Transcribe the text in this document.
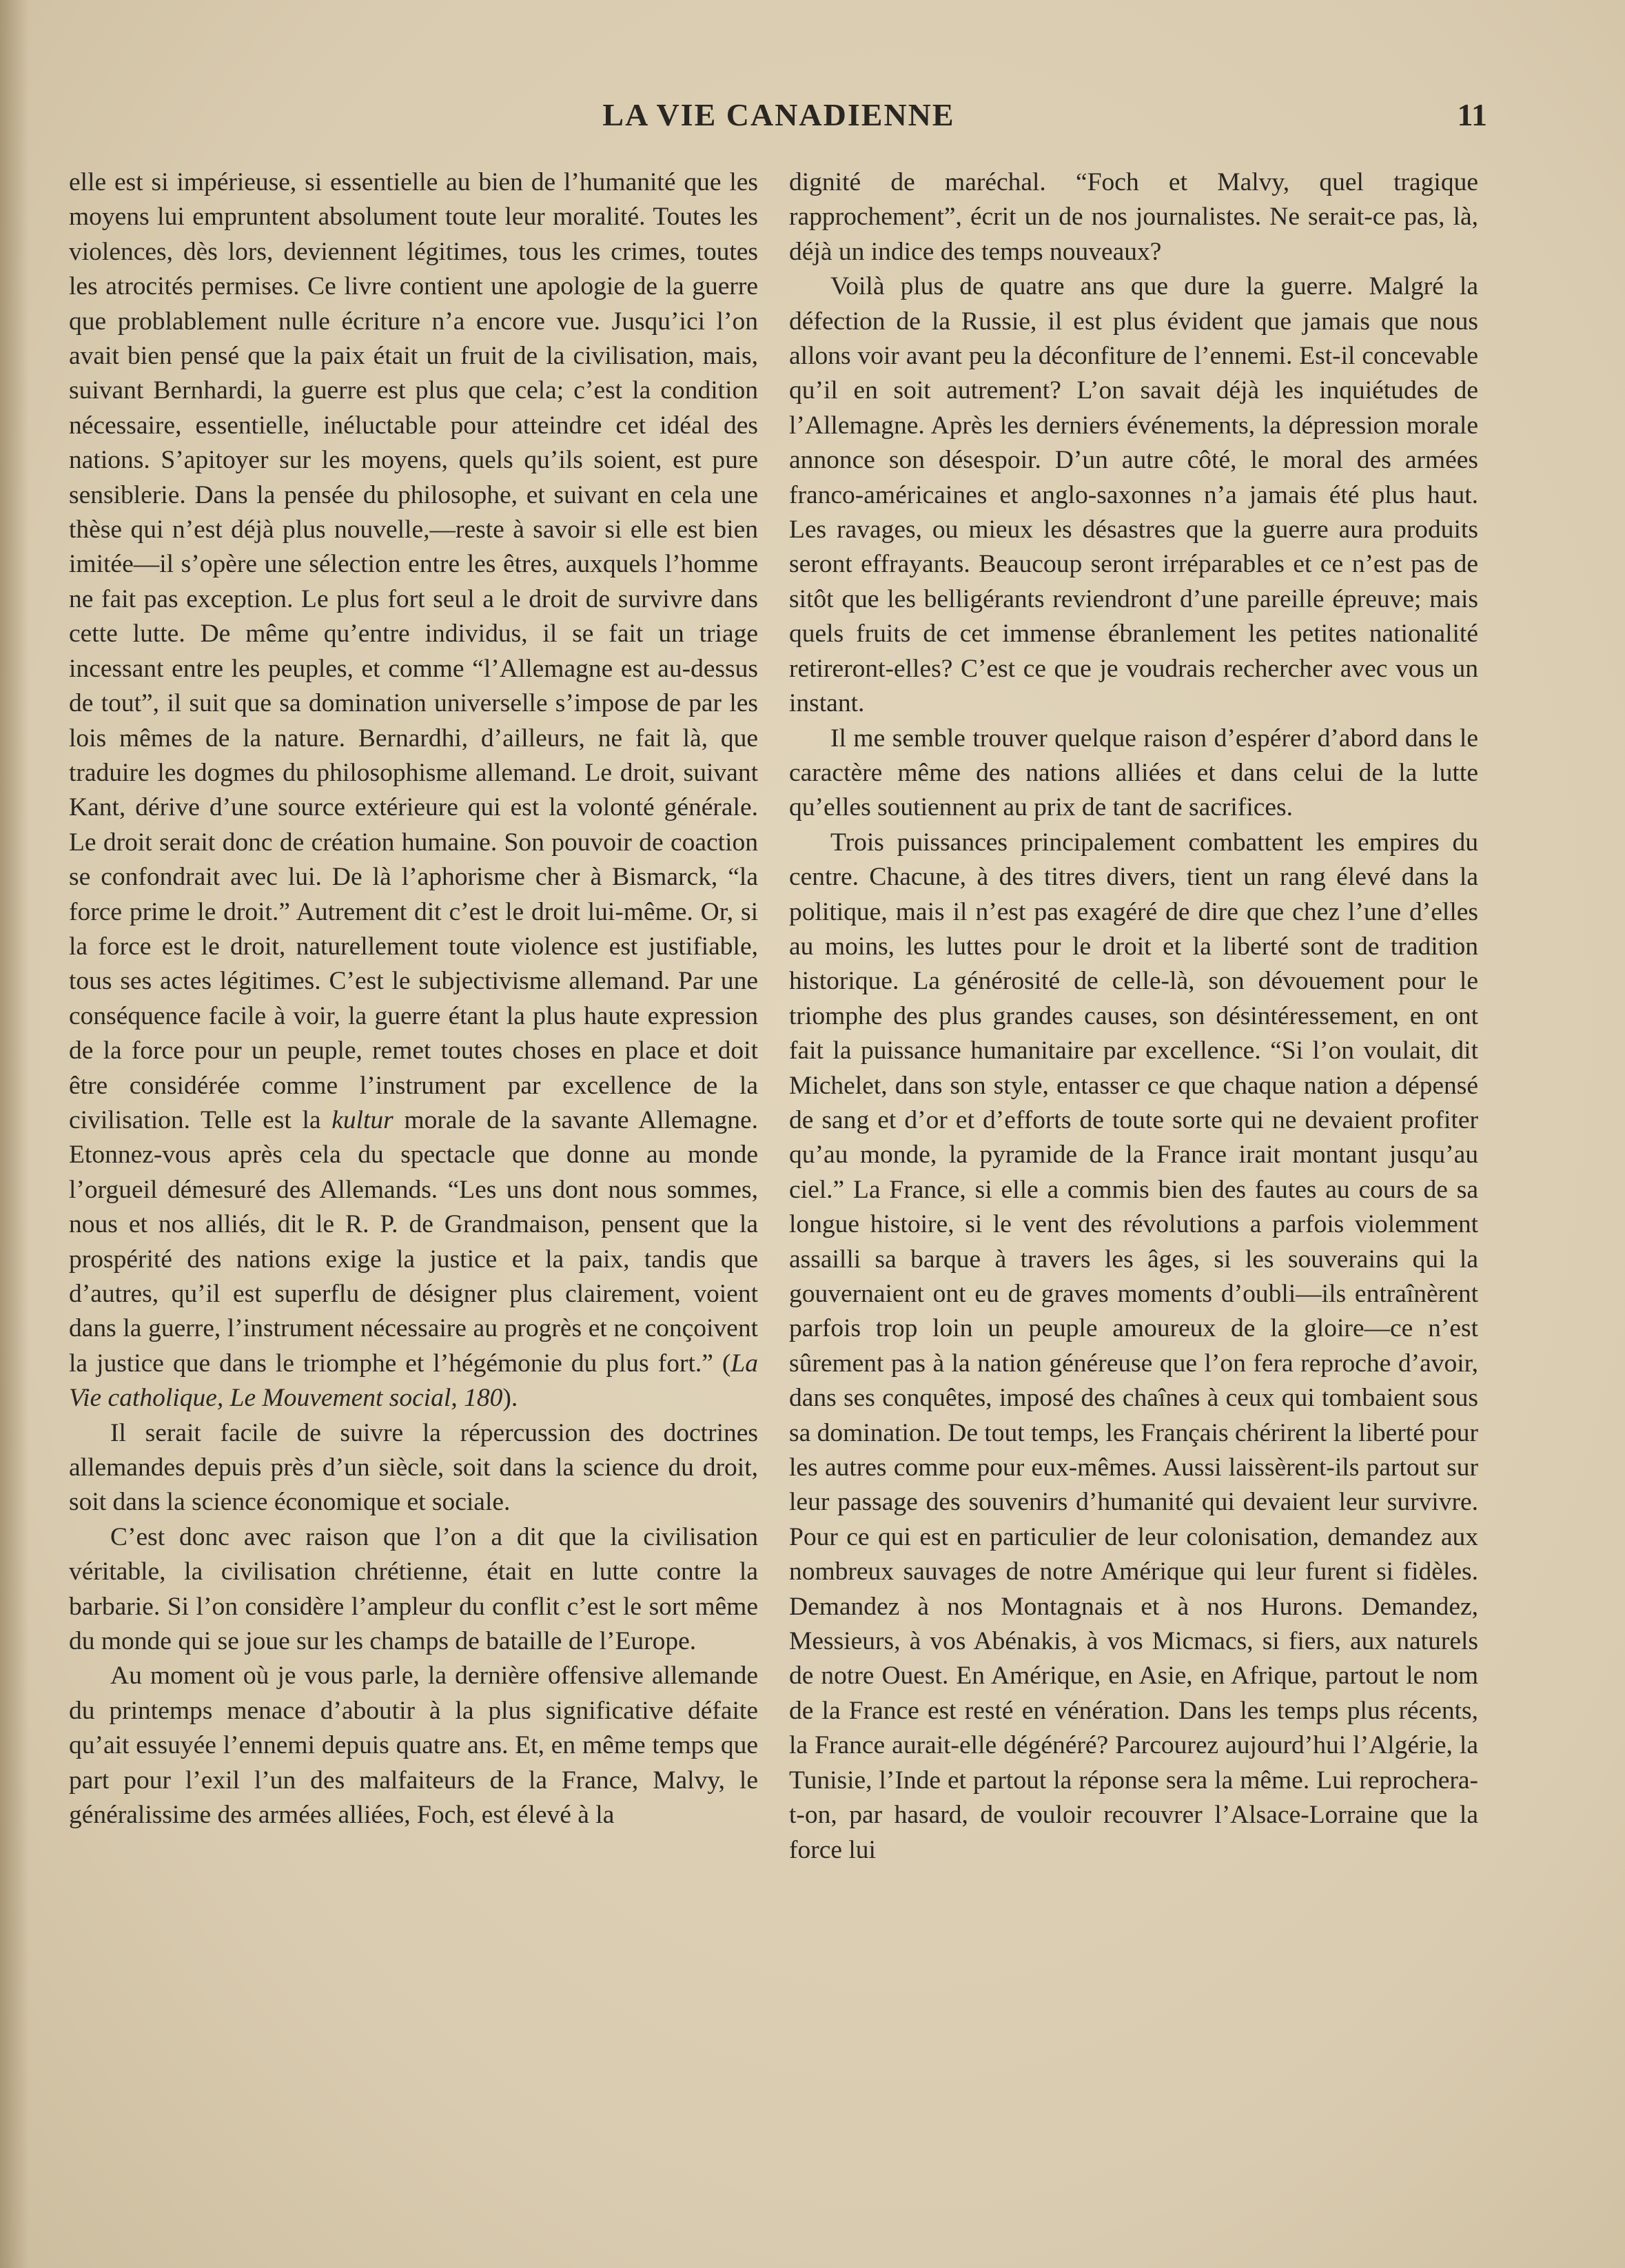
LA VIE CANADIENNE	11

elle est si impérieuse, si essentielle au bien de l’humanité que les moyens lui empruntent absolument toute leur moralité. Toutes les violences, dès lors, deviennent légitimes, tous les crimes, toutes les atrocités permises. Ce livre contient une apologie de la guerre que problablement nulle écriture n’a encore vue. Jusqu’ici l’on avait bien pensé que la paix était un fruit de la civilisation, mais, suivant Bernhardi, la guerre est plus que cela; c’est la condition nécessaire, essentielle, inéluctable pour atteindre cet idéal des nations. S’apitoyer sur les moyens, quels qu’ils soient, est pure sensiblerie. Dans la pensée du philosophe, et suivant en cela une thèse qui n’est déjà plus nouvelle,—reste à savoir si elle est bien imitée—il s’opère une sélection entre les êtres, auxquels l’homme ne fait pas exception. Le plus fort seul a le droit de survivre dans cette lutte. De même qu’entre individus, il se fait un triage incessant entre les peuples, et comme “l’Allemagne est au-dessus de tout”, il suit que sa domination universelle s’impose de par les lois mêmes de la nature. Bernardhi, d’ailleurs, ne fait là, que traduire les dogmes du philosophisme allemand. Le droit, suivant Kant, dérive d’une source extérieure qui est la volonté générale. Le droit serait donc de création humaine. Son pouvoir de coaction se confondrait avec lui. De là l’aphorisme cher à Bismarck, “la force prime le droit.” Autrement dit c’est le droit lui-même. Or, si la force est le droit, naturellement toute violence est justifiable, tous ses actes légitimes. C’est le subjectivisme allemand. Par une conséquence facile à voir, la guerre étant la plus haute expression de la force pour un peuple, remet toutes choses en place et doit être considérée comme l’instrument par excellence de la civilisation. Telle est la kultur morale de la savante Allemagne. Etonnez-vous après cela du spectacle que donne au monde l’orgueil démesuré des Allemands. “Les uns dont nous sommes, nous et nos alliés, dit le R. P. de Grandmaison, pensent que la prospérité des nations exige la justice et la paix, tandis que d’autres, qu’il est superflu de désigner plus clairement, voient dans la guerre, l’instrument nécessaire au progrès et ne conçoivent la justice que dans le triomphe et l’hégémonie du plus fort.” (La Vie catholique, Le Mouvement social, 180).

Il serait facile de suivre la répercussion des doctrines allemandes depuis près d’un siècle, soit dans la science du droit, soit dans la science économique et sociale.

C’est donc avec raison que l’on a dit que la civilisation véritable, la civilisation chrétienne, était en lutte contre la barbarie. Si l’on considère l’ampleur du conflit c’est le sort même du monde qui se joue sur les champs de bataille de l’Europe.

Au moment où je vous parle, la dernière offensive allemande du printemps menace d’aboutir à la plus significative défaite qu’ait essuyée l’ennemi depuis quatre ans. Et, en même temps que part pour l’exil l’un des malfaiteurs de la France, Malvy, le généralissime des armées alliées, Foch, est élevé à la

dignité de maréchal. “Foch et Malvy, quel tragique rapprochement”, écrit un de nos journalistes. Ne serait-ce pas, là, déjà un indice des temps nouveaux?

Voilà plus de quatre ans que dure la guerre. Malgré la défection de la Russie, il est plus évident que jamais que nous allons voir avant peu la déconfiture de l’ennemi. Est-il concevable qu’il en soit autrement? L’on savait déjà les inquiétudes de l’Allemagne. Après les derniers événements, la dépression morale annonce son désespoir. D’un autre côté, le moral des armées franco-américaines et anglo-saxonnes n’a jamais été plus haut. Les ravages, ou mieux les désastres que la guerre aura produits seront effrayants. Beaucoup seront irréparables et ce n’est pas de sitôt que les belligérants reviendront d’une pareille épreuve; mais quels fruits de cet immense ébranlement les petites nationalité retireront-elles? C’est ce que je voudrais rechercher avec vous un instant.

Il me semble trouver quelque raison d’espérer d’abord dans le caractère même des nations alliées et dans celui de la lutte qu’elles soutiennent au prix de tant de sacrifices.

Trois puissances principalement combattent les empires du centre. Chacune, à des titres divers, tient un rang élevé dans la politique, mais il n’est pas exagéré de dire que chez l’une d’elles au moins, les luttes pour le droit et la liberté sont de tradition historique. La générosité de celle-là, son dévouement pour le triomphe des plus grandes causes, son désintéressement, en ont fait la puissance humanitaire par excellence. “Si l’on voulait, dit Michelet, dans son style, entasser ce que chaque nation a dépensé de sang et d’or et d’efforts de toute sorte qui ne devaient profiter qu’au monde, la pyramide de la France irait montant jusqu’au ciel.” La France, si elle a commis bien des fautes au cours de sa longue histoire, si le vent des révolutions a parfois violemment assailli sa barque à travers les âges, si les souverains qui la gouvernaient ont eu de graves moments d’oubli—ils entraînèrent parfois trop loin un peuple amoureux de la gloire—ce n’est sûrement pas à la nation généreuse que l’on fera reproche d’avoir, dans ses conquêtes, imposé des chaînes à ceux qui tombaient sous sa domination. De tout temps, les Français chérirent la liberté pour les autres comme pour eux-mêmes. Aussi laissèrent-ils partout sur leur passage des souvenirs d’humanité qui devaient leur survivre. Pour ce qui est en particulier de leur colonisation, demandez aux nombreux sauvages de notre Amérique qui leur furent si fidèles. Demandez à nos Montagnais et à nos Hurons. Demandez, Messieurs, à vos Abénakis, à vos Micmacs, si fiers, aux naturels de notre Ouest. En Amérique, en Asie, en Afrique, partout le nom de la France est resté en vénération. Dans les temps plus récents, la France aurait-elle dégénéré? Parcourez aujourd’hui l’Algérie, la Tunisie, l’Inde et partout la réponse sera la même. Lui reprochera-t-on, par hasard, de vouloir recouvrer l’Alsace-Lorraine que la force lui
